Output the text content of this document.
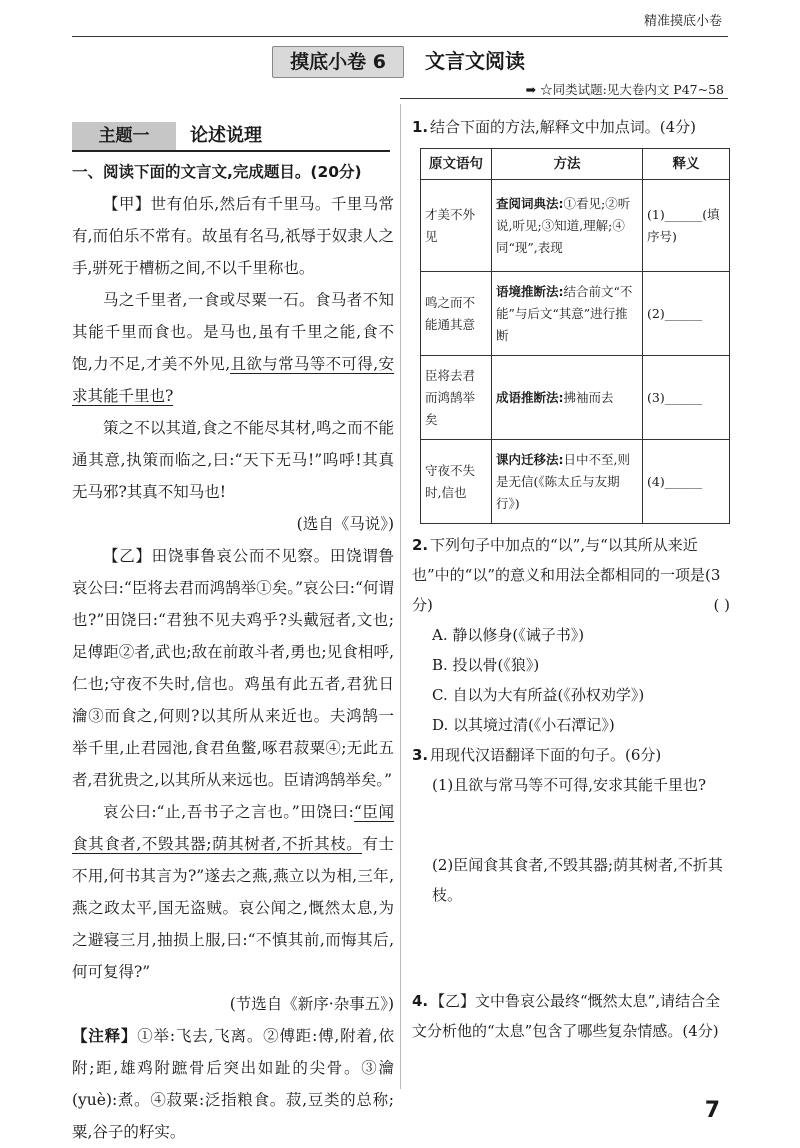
精准摸底小卷
摸底小卷 6	文言文阅读
➡ ☆同类试题:见大卷内文 P47~58
主题一	论述说理

一、阅读下面的文言文,完成题目。(20分)

【甲】世有伯乐,然后有千里马。千里马常有,而伯乐不常有。故虽有名马,祇辱于奴隶人之手,骈死于槽枥之间,不以千里称也。

马之千里者,一食或尽粟一石。食马者不知其能千里而食也。是马也,虽有千里之能,食不饱,力不足,才美不外见,且欲与常马等不可得,安求其能千里也?

策之不以其道,食之不能尽其材,鸣之而不能通其意,执策而临之,曰:“天下无马!”呜呼!其真无马邪?其真不知马也!

(选自《马说》)

【乙】田饶事鲁哀公而不见察。田饶谓鲁哀公曰:“臣将去君而鸿鹄举①矣。”哀公曰:“何谓也?”田饶曰:“君独不见夫鸡乎?头戴冠者,文也;足傅距②者,武也;敌在前敢斗者,勇也;见食相呼,仁也;守夜不失时,信也。鸡虽有此五者,君犹日瀹③而食之,何则?以其所从来近也。夫鸿鹄一举千里,止君园池,食君鱼鳖,啄君菽粟④;无此五者,君犹贵之,以其所从来远也。臣请鸿鹄举矣。”

哀公曰:“止,吾书子之言也。”田饶曰:“臣闻食其食者,不毁其器;荫其树者,不折其枝。有士不用,何书其言为?”遂去之燕,燕立以为相,三年,燕之政太平,国无盗贼。哀公闻之,慨然太息,为之避寝三月,抽损上服,曰:“不慎其前,而悔其后,何可复得?”

(节选自《新序·杂事五》)

【注释】①举:飞去,飞离。②傅距:傅,附着,依附;距,雄鸡附蹠骨后突出如趾的尖骨。③瀹(yuè):煮。④菽粟:泛指粮食。菽,豆类的总称;粟,谷子的籽实。

1. 结合下面的方法,解释文中加点词。(4分)

原文语句	方法	释义
才美不外见	查阅词典法:①看见;②听说,听见;③知道,理解;④同“现”,表现	(1)______(填序号)
鸣之而不能通其意	语境推断法:结合前文“不能”与后文“其意”进行推断	(2)______
臣将去君而鸿鹄举矣	成语推断法:拂袖而去	(3)______
守夜不失时,信也	课内迁移法:日中不至,则是无信(《陈太丘与友期行》)	(4)______

2. 下列句子中加点的“以”,与“以其所从来近也”中的“以”的意义和用法全都相同的一项是(3分)	( )

A. 静以修身(《诫子书》)

B. 投以骨(《狼》)

C. 自以为大有所益(《孙权劝学》)

D. 以其境过清(《小石潭记》)

3. 用现代汉语翻译下面的句子。(6分)

(1)且欲与常马等不可得,安求其能千里也?

(2)臣闻食其食者,不毁其器;荫其树者,不折其枝。

4. 【乙】文中鲁哀公最终“慨然太息”,请结合全文分析他的“太息”包含了哪些复杂情感。(4分)

7
